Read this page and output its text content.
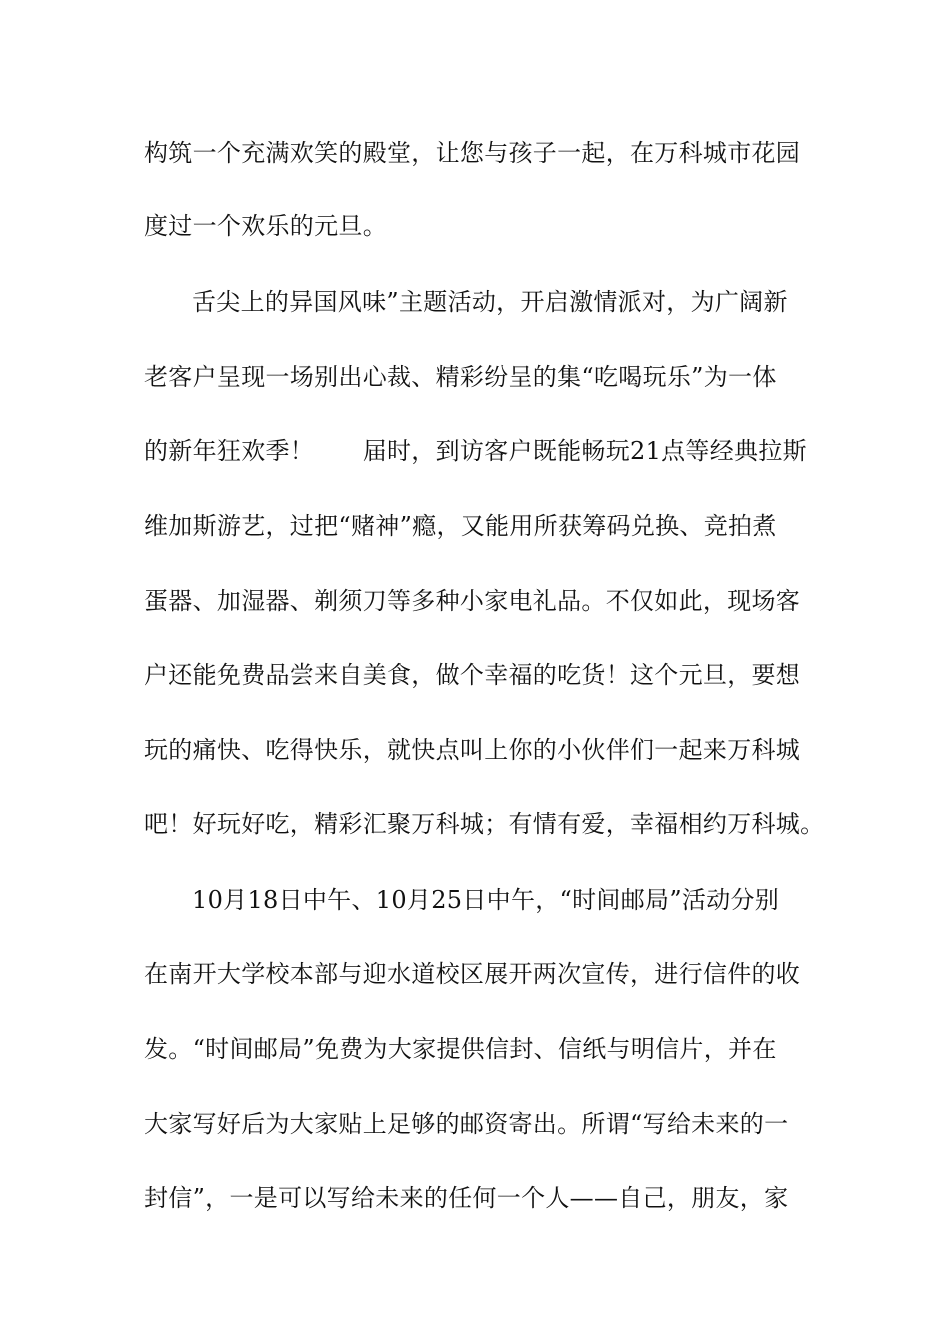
构筑一个充满欢笑的殿堂，让您与孩子一起，在万科城市花园
度过一个欢乐的元旦。
舌尖上的异国风味”主题活动，开启激情派对，为广阔新
老客户呈现一场别出心裁、精彩纷呈的集“吃喝玩乐”为一体
的新年狂欢季！　　届时，到访客户既能畅玩21点等经典拉斯
维加斯游艺，过把“赌神”瘾，又能用所获筹码兑换、竞拍煮
蛋器、加湿器、剃须刀等多种小家电礼品。不仅如此，现场客
户还能免费品尝来自美食，做个幸福的吃货！这个元旦，要想
玩的痛快、吃得快乐，就快点叫上你的小伙伴们一起来万科城
吧！好玩好吃，精彩汇聚万科城；有情有爱，幸福相约万科城。
10月18日中午、10月25日中午，“时间邮局”活动分别
在南开大学校本部与迎水道校区展开两次宣传，进行信件的收
发。“时间邮局”免费为大家提供信封、信纸与明信片，并在
大家写好后为大家贴上足够的邮资寄出。所谓“写给未来的一
封信”，一是可以写给未来的任何一个人——自己，朋友，家
